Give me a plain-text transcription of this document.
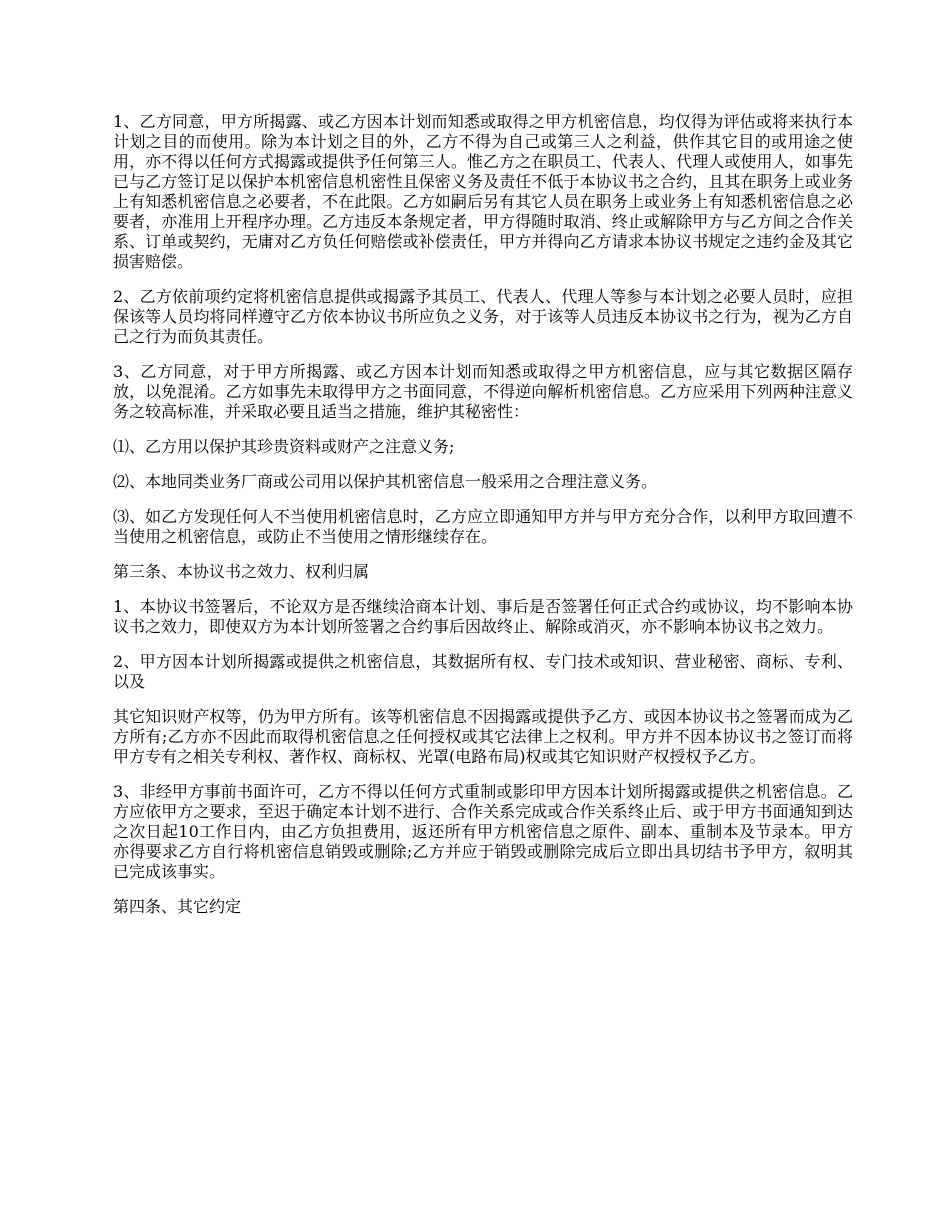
1、乙方同意，甲方所揭露、或乙方因本计划而知悉或取得之甲方机密信息，均仅得为评估或将来执行本计划之目的而使用。除为本计划之目的外，乙方不得为自己或第三人之利益，供作其它目的或用途之使用，亦不得以任何方式揭露或提供予任何第三人。惟乙方之在职员工、代表人、代理人或使用人，如事先已与乙方签订足以保护本机密信息机密性且保密义务及责任不低于本协议书之合约，且其在职务上或业务上有知悉机密信息之必要者，不在此限。乙方如嗣后另有其它人员在职务上或业务上有知悉机密信息之必要者，亦准用上开程序办理。乙方违反本条规定者，甲方得随时取消、终止或解除甲方与乙方间之合作关系、订单或契约，无庸对乙方负任何赔偿或补偿责任，甲方并得向乙方请求本协议书规定之违约金及其它损害赔偿。

2、乙方依前项约定将机密信息提供或揭露予其员工、代表人、代理人等参与本计划之必要人员时，应担保该等人员均将同样遵守乙方依本协议书所应负之义务，对于该等人员违反本协议书之行为，视为乙方自己之行为而负其责任。

3、乙方同意，对于甲方所揭露、或乙方因本计划而知悉或取得之甲方机密信息，应与其它数据区隔存放，以免混淆。乙方如事先未取得甲方之书面同意，不得逆向解析机密信息。乙方应采用下列两种注意义务之较高标准，并采取必要且适当之措施，维护其秘密性：

⑴、乙方用以保护其珍贵资料或财产之注意义务;

⑵、本地同类业务厂商或公司用以保护其机密信息一般采用之合理注意义务。

⑶、如乙方发现任何人不当使用机密信息时，乙方应立即通知甲方并与甲方充分合作，以利甲方取回遭不当使用之机密信息，或防止不当使用之情形继续存在。

第三条、本协议书之效力、权利归属

1、本协议书签署后，不论双方是否继续洽商本计划、事后是否签署任何正式合约或协议，均不影响本协议书之效力，即使双方为本计划所签署之合约事后因故终止、解除或消灭，亦不影响本协议书之效力。

2、甲方因本计划所揭露或提供之机密信息，其数据所有权、专门技术或知识、营业秘密、商标、专利、以及

其它知识财产权等，仍为甲方所有。该等机密信息不因揭露或提供予乙方、或因本协议书之签署而成为乙方所有;乙方亦不因此而取得机密信息之任何授权或其它法律上之权利。甲方并不因本协议书之签订而将甲方专有之相关专利权、著作权、商标权、光罩(电路布局)权或其它知识财产权授权予乙方。

3、非经甲方事前书面许可，乙方不得以任何方式重制或影印甲方因本计划所揭露或提供之机密信息。乙方应依甲方之要求，至迟于确定本计划不进行、合作关系完成或合作关系终止后、或于甲方书面通知到达之次日起10工作日内，由乙方负担费用，返还所有甲方机密信息之原件、副本、重制本及节录本。甲方亦得要求乙方自行将机密信息销毁或删除;乙方并应于销毁或删除完成后立即出具切结书予甲方，叙明其已完成该事实。

第四条、其它约定
